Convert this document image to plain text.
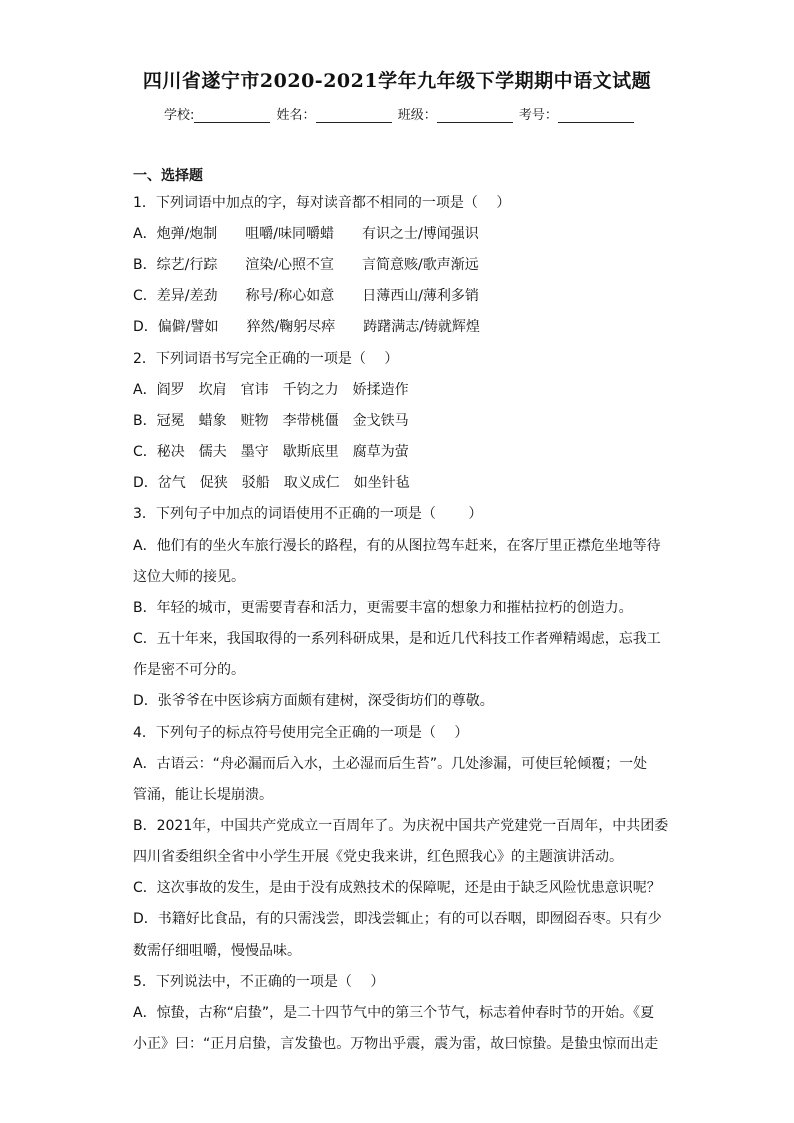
四川省遂宁市2020-2021学年九年级下学期期中语文试题
学校:	姓名：	班级：	考号：
一、选择题
1．下列词语中加点的字，每对读音都不相同的一项是（　 ）
A．炮弹/炮制　　咀嚼/味同嚼蜡　　有识之士/博闻强识
B．综艺/行踪　　渲染/心照不宣　　言简意赅/歌声渐远
C．差异/差劲　　称号/称心如意　　日薄西山/薄利多销
D．偏僻/譬如　　猝然/鞠躬尽瘁　　踌躇满志/铸就辉煌
2．下列词语书写完全正确的一项是（　 ）
A．阎罗　坎肩　官讳　千钧之力　娇揉造作
B．冠冕　蜡象　赃物　李带桃僵　金戈铁马
C．秘决　儒夫　墨守　歇斯底里　腐草为萤
D．岔气　促狭　驳船　取义成仁　如坐针毡
3．下列句子中加点的词语使用不正确的一项是（　　 ）
A．他们有的坐火车旅行漫长的路程，有的从图拉驾车赶来，在客厅里正襟危坐地等待
这位大师的接见。
B．年轻的城市，更需要青春和活力，更需要丰富的想象力和摧枯拉朽的创造力。
C．五十年来，我国取得的一系列科研成果，是和近几代科技工作者殚精竭虑，忘我工
作是密不可分的。
D．张爷爷在中医诊病方面颇有建树，深受街坊们的尊敬。
4．下列句子的标点符号使用完全正确的一项是（　 ）
A．古语云：“舟必漏而后入水，土必湿而后生苔”。几处渗漏，可使巨轮倾覆；一处
管涌，能让长堤崩溃。
B．2021年，中国共产党成立一百周年了。为庆祝中国共产党建党一百周年，中共团委
四川省委组织全省中小学生开展《党史我来讲，红色照我心》的主题演讲活动。
C．这次事故的发生，是由于没有成熟技术的保障呢，还是由于缺乏风险忧患意识呢？
D．书籍好比食品，有的只需浅尝，即浅尝辄止；有的可以吞咽，即囫囵吞枣。只有少
数需仔细咀嚼，慢慢品味。
5．下列说法中，不正确的一项是（　 ）
A．惊蛰，古称“启蛰”，是二十四节气中的第三个节气，标志着仲春时节的开始。《夏
小正》曰：“正月启蛰，言发蛰也。万物出乎震，震为雷，故曰惊蛰。是蛰虫惊而出走
